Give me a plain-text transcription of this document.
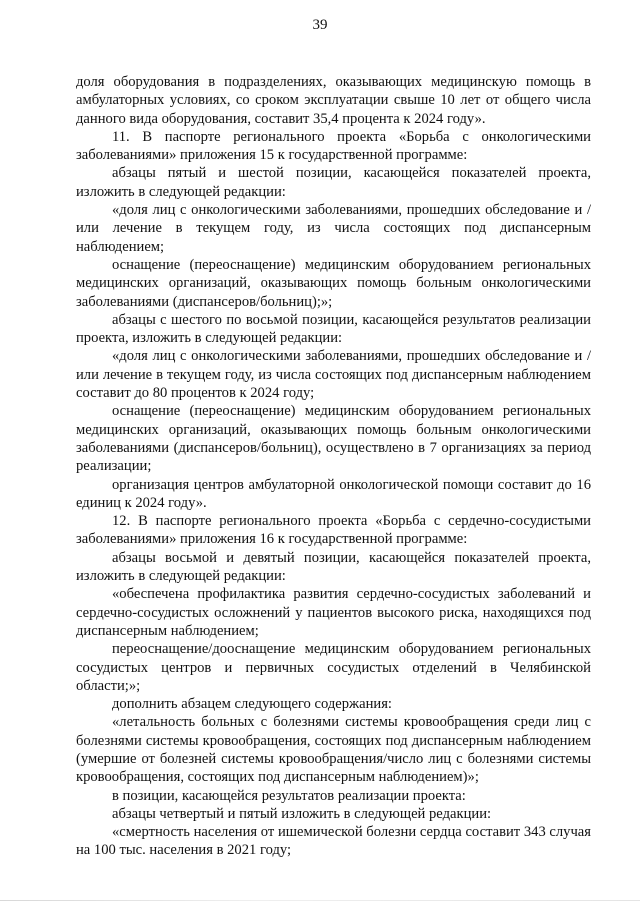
39

доля оборудования в подразделениях, оказывающих медицинскую помощь в амбулаторных условиях, со сроком эксплуатации свыше 10 лет от общего числа данного вида оборудования, составит 35,4 процента к 2024 году».

11. В паспорте регионального проекта «Борьба с онкологическими заболеваниями» приложения 15 к государственной программе:

абзацы пятый и шестой позиции, касающейся показателей проекта, изложить в следующей редакции:

«доля лиц с онкологическими заболеваниями, прошедших обследование и /или лечение в текущем году, из числа состоящих под диспансерным наблюдением;

оснащение (переоснащение) медицинским оборудованием региональных медицинских организаций, оказывающих помощь больным онкологическими заболеваниями (диспансеров/больниц);»;

абзацы с шестого по восьмой позиции, касающейся результатов реализации проекта, изложить в следующей редакции:

«доля лиц с онкологическими заболеваниями, прошедших обследование и /или лечение в текущем году, из числа состоящих под диспансерным наблюдением составит до 80 процентов к 2024 году;

оснащение (переоснащение) медицинским оборудованием региональных медицинских организаций, оказывающих помощь больным онкологическими заболеваниями (диспансеров/больниц), осуществлено в 7 организациях за период реализации;

организация центров амбулаторной онкологической помощи составит до 16 единиц к 2024 году».

12. В паспорте регионального проекта «Борьба с сердечно-сосудистыми заболеваниями» приложения 16 к государственной программе:

абзацы восьмой и девятый позиции, касающейся показателей проекта, изложить в следующей редакции:

«обеспечена профилактика развития сердечно-сосудистых заболеваний и сердечно-сосудистых осложнений у пациентов высокого риска, находящихся под диспансерным наблюдением;

переоснащение/дооснащение медицинским оборудованием региональных сосудистых центров и первичных сосудистых отделений в Челябинской области;»;

дополнить абзацем следующего содержания:

«летальность больных с болезнями системы кровообращения среди лиц с болезнями системы кровообращения, состоящих под диспансерным наблюдением (умершие от болезней системы кровообращения/число лиц с болезнями системы кровообращения, состоящих под диспансерным наблюдением)»;

в позиции, касающейся результатов реализации проекта:

абзацы четвертый и пятый изложить в следующей редакции:

«смертность населения от ишемической болезни сердца составит 343 случая на 100 тыс. населения в 2021 году;
